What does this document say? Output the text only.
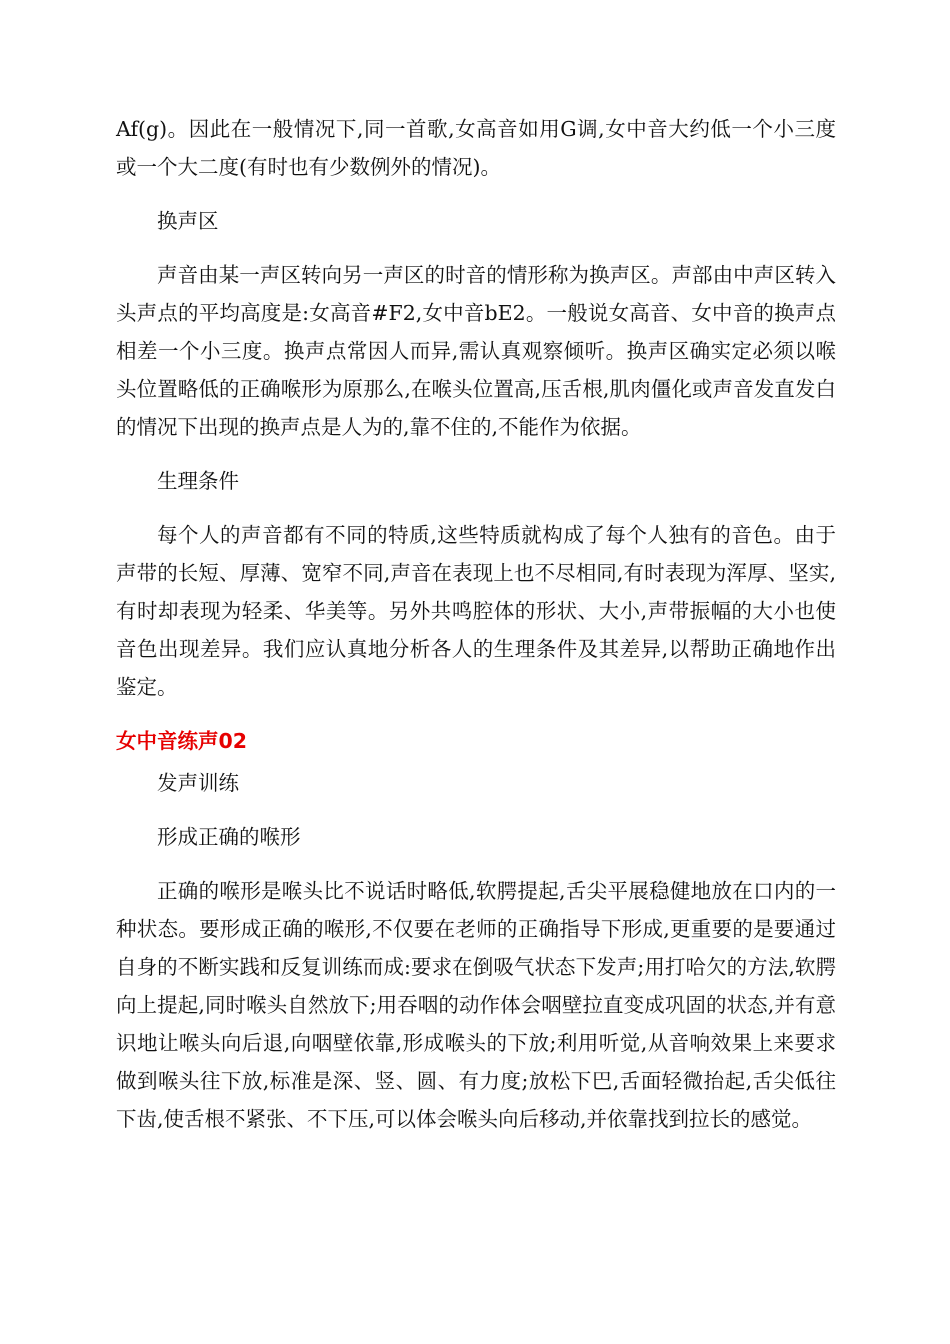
Af(g)。因此在一般情况下,同一首歌,女高音如用G调,女中音大约低一个小三度或一个大二度(有时也有少数例外的情况)。

换声区

声音由某一声区转向另一声区的时音的情形称为换声区。声部由中声区转入头声点的平均高度是:女高音#F2,女中音bE2。一般说女高音、女中音的换声点相差一个小三度。换声点常因人而异,需认真观察倾听。换声区确实定必须以喉头位置略低的正确喉形为原那么,在喉头位置高,压舌根,肌肉僵化或声音发直发白的情况下出现的换声点是人为的,靠不住的,不能作为依据。

生理条件

每个人的声音都有不同的特质,这些特质就构成了每个人独有的音色。由于声带的长短、厚薄、宽窄不同,声音在表现上也不尽相同,有时表现为浑厚、坚实,有时却表现为轻柔、华美等。另外共鸣腔体的形状、大小,声带振幅的大小也使音色出现差异。我们应认真地分析各人的生理条件及其差异,以帮助正确地作出鉴定。

女中音练声02

发声训练

形成正确的喉形

正确的喉形是喉头比不说话时略低,软腭提起,舌尖平展稳健地放在口内的一种状态。要形成正确的喉形,不仅要在老师的正确指导下形成,更重要的是要通过自身的不断实践和反复训练而成:要求在倒吸气状态下发声;用打哈欠的方法,软腭向上提起,同时喉头自然放下;用吞咽的动作体会咽壁拉直变成巩固的状态,并有意识地让喉头向后退,向咽壁依靠,形成喉头的下放;利用听觉,从音响效果上来要求做到喉头往下放,标准是深、竖、圆、有力度;放松下巴,舌面轻微抬起,舌尖低往下齿,使舌根不紧张、不下压,可以体会喉头向后移动,并依靠找到拉长的感觉。
